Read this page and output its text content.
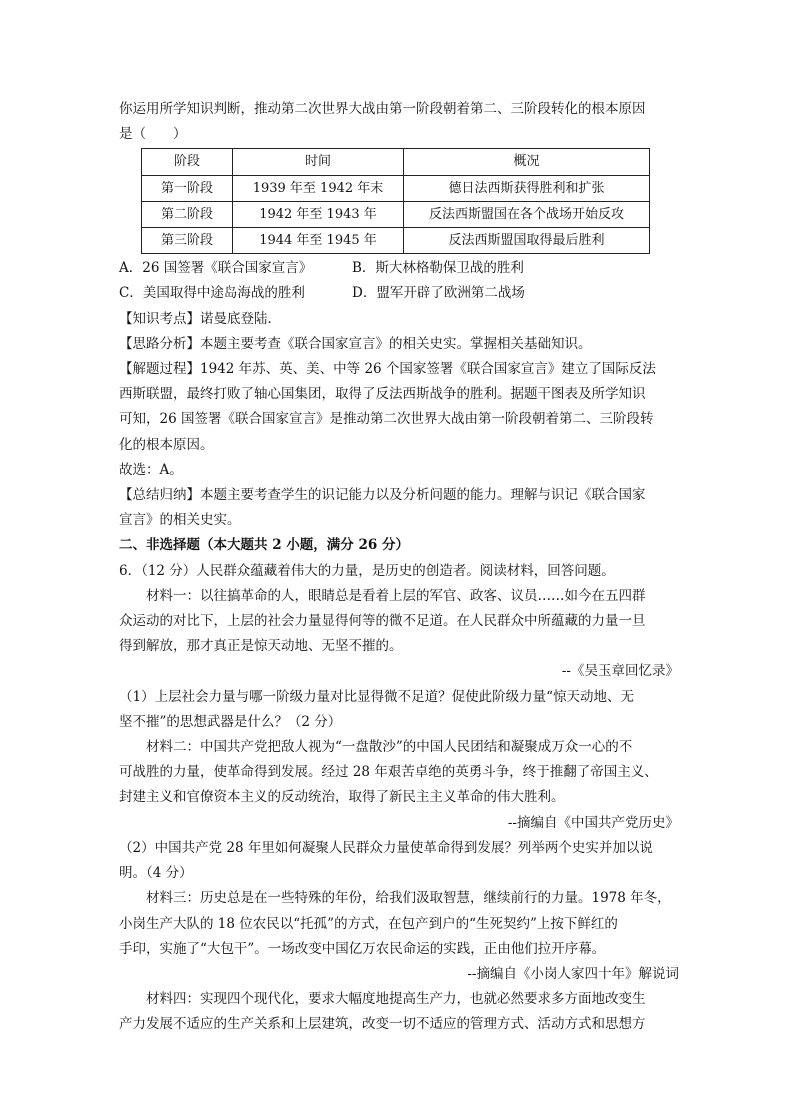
你运用所学知识判断，推动第二次世界大战由第一阶段朝着第二、三阶段转化的根本原因
是（　　）
阶段	时间	概况
第一阶段	1939 年至 1942 年末	德日法西斯获得胜利和扩张
第二阶段	1942 年至 1943 年	反法西斯盟国在各个战场开始反攻
第三阶段	1944 年至 1945 年	反法西斯盟国取得最后胜利
A．26 国签署《联合国家宣言》	B．斯大林格勒保卫战的胜利
C．美国取得中途岛海战的胜利	D．盟军开辟了欧洲第二战场
【知识考点】诺曼底登陆．
【思路分析】本题主要考查《联合国家宣言》的相关史实。掌握相关基础知识。
【解题过程】1942 年苏、英、美、中等 26 个国家签署《联合国家宣言》建立了国际反法
西斯联盟，最终打败了轴心国集团，取得了反法西斯战争的胜利。据题干图表及所学知识
可知，26 国签署《联合国家宣言》是推动第二次世界大战由第一阶段朝着第二、三阶段转
化的根本原因。
故选：A。
【总结归纳】本题主要考查学生的识记能力以及分析问题的能力。理解与识记《联合国家
宣言》的相关史实。
二、非选择题（本大题共 2 小题，满分 26 分）
6．（12 分）人民群众蕴藏着伟大的力量，是历史的创造者。阅读材料，回答问题。
材料一：以往搞革命的人，眼睛总是看着上层的军官、政客、议员……如今在五四群
众运动的对比下，上层的社会力量显得何等的微不足道。在人民群众中所蕴藏的力量一旦
得到解放，那才真正是惊天动地、无坚不摧的。
--《吴玉章回忆录》
（1）上层社会力量与哪一阶级力量对比显得微不足道？促使此阶级力量“惊天动地、无
坚不摧”的思想武器是什么？（2 分）
材料二：中国共产党把敌人视为“一盘散沙”的中国人民团结和凝聚成万众一心的不
可战胜的力量，使革命得到发展。经过 28 年艰苦卓绝的英勇斗争，终于推翻了帝国主义、
封建主义和官僚资本主义的反动统治，取得了新民主主义革命的伟大胜利。
--摘编自《中国共产党历史》
（2）中国共产党 28 年里如何凝聚人民群众力量使革命得到发展？列举两个史实并加以说
明。（4 分）
材料三：历史总是在一些特殊的年份，给我们汲取智慧，继续前行的力量。1978 年冬，
小岗生产大队的 18 位农民以“托孤”的方式，在包产到户的“生死契约”上按下鲜红的
手印，实施了“大包干”。一场改变中国亿万农民命运的实践，正由他们拉开序幕。
--摘编自《小岗人家四十年》解说词
材料四：实现四个现代化，要求大幅度地提高生产力，也就必然要求多方面地改变生
产力发展不适应的生产关系和上层建筑，改变一切不适应的管理方式、活动方式和思想方
